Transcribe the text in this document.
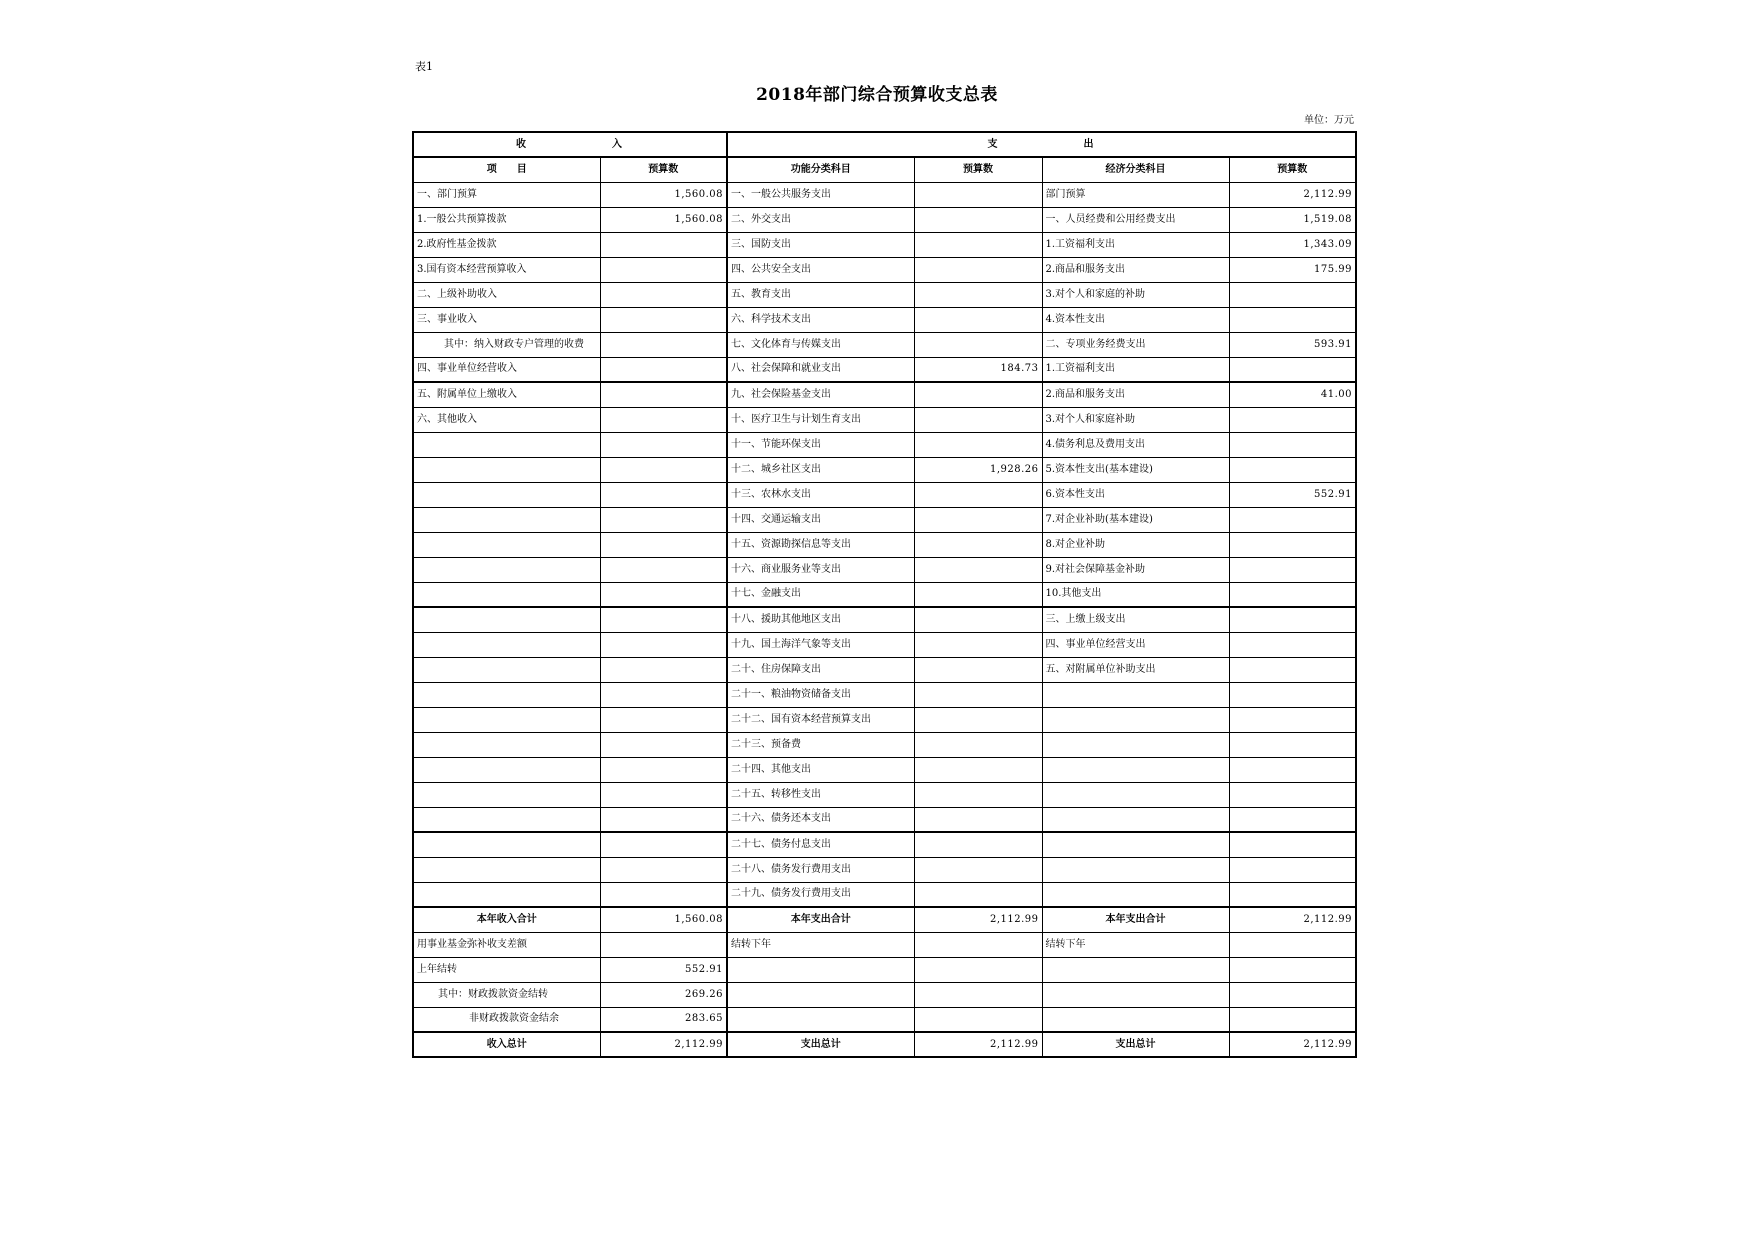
表1
2018年部门综合预算收支总表
单位：万元
收　　　　　　　入		支　　　　　　　出			
项　　目	预算数	功能分类科目	预算数	经济分类科目	预算数
一、部门预算	1,560.08	一、一般公共服务支出		部门预算	2,112.99
1.一般公共预算拨款	1,560.08	二、外交支出		一、人员经费和公用经费支出	1,519.08
2.政府性基金拨款		三、国防支出		1.工资福利支出	1,343.09
3.国有资本经营预算收入		四、公共安全支出		2.商品和服务支出	175.99
二、上级补助收入		五、教育支出		3.对个人和家庭的补助	
三、事业收入		六、科学技术支出		4.资本性支出	
其中：纳入财政专户管理的收费		七、文化体育与传媒支出		二、专项业务经费支出	593.91
四、事业单位经营收入		八、社会保障和就业支出	184.73	1.工资福利支出	
五、附属单位上缴收入		九、社会保险基金支出		2.商品和服务支出	41.00
六、其他收入		十、医疗卫生与计划生育支出		3.对个人和家庭补助	
		十一、节能环保支出		4.债务利息及费用支出	
		十二、城乡社区支出	1,928.26	5.资本性支出(基本建设)	
		十三、农林水支出		6.资本性支出	552.91
		十四、交通运输支出		7.对企业补助(基本建设)	
		十五、资源勘探信息等支出		8.对企业补助	
		十六、商业服务业等支出		9.对社会保障基金补助	
		十七、金融支出		10.其他支出	
		十八、援助其他地区支出		三、上缴上级支出	
		十九、国土海洋气象等支出		四、事业单位经营支出	
		二十、住房保障支出		五、对附属单位补助支出	
		二十一、粮油物资储备支出			
		二十二、国有资本经营预算支出			
		二十三、预备费			
		二十四、其他支出			
		二十五、转移性支出			
		二十六、债务还本支出			
		二十七、债务付息支出			
		二十八、债务发行费用支出			
		二十九、债务发行费用支出			
本年收入合计	1,560.08	本年支出合计	2,112.99	本年支出合计	2,112.99
用事业基金弥补收支差额		结转下年		结转下年	
上年结转	552.91				
其中：财政拨款资金结转	269.26				
非财政拨款资金结余	283.65				
收入总计	2,112.99	支出总计	2,112.99	支出总计	2,112.99
